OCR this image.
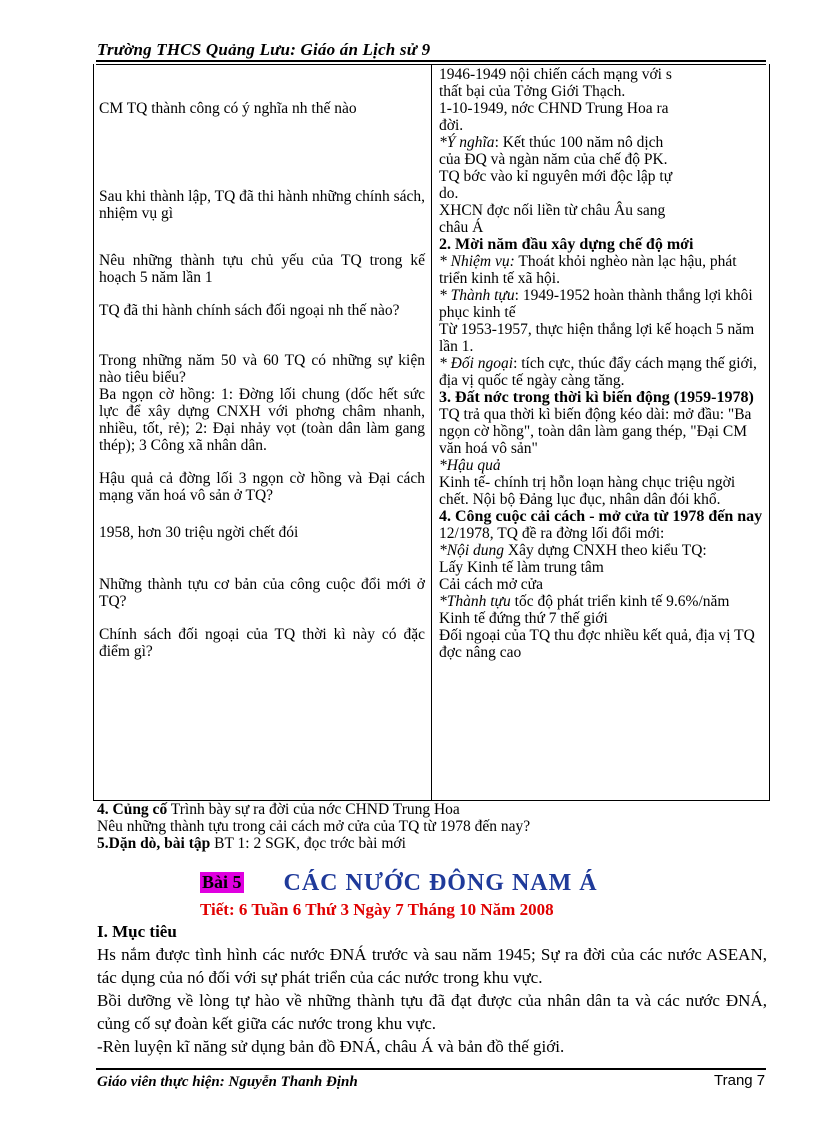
Trường THCS Quảng Lưu: Giáo án Lịch sử 9
CM TQ thành công có ý nghĩa nh thế nào
Sau khi thành lập, TQ đã thi hành những chính sách, nhiệm vụ gì
Nêu những thành tựu chủ yếu của TQ trong kế hoạch 5 năm lần 1
TQ đã thi hành chính sách đối ngoại nh thế nào?
Trong những năm 50 và 60 TQ có những sự kiện nào tiêu biểu?
Ba ngọn cờ hồng: 1: Đờng lối chung (dốc hết sức lực để xây dựng CNXH với phơng châm nhanh, nhiều, tốt, rẻ); 2: Đại nhảy vọt (toàn dân làm gang thép); 3 Công xã nhân dân.
Hậu quả cả đờng lối 3 ngọn cờ hồng và Đại cách mạng văn hoá vô sản ở TQ?
1958, hơn 30 triệu ngời chết đói
Những thành tựu cơ bản của công cuộc đổi mới ở TQ?
Chính sách đối ngoại của TQ thời kì này có đặc điểm gì?
1946-1949 nội chiến cách mạng với s
thất bại của Tởng Giới Thạch.
1-10-1949, nớc CHND Trung Hoa ra
đời.
*Ý nghĩa: Kết thúc 100 năm nô dịch
của ĐQ và ngàn năm của chế độ PK.
TQ bớc vào kỉ nguyên mới độc lập tự
do.
XHCN đợc nối liền từ châu Âu sang
châu Á
2. Mời năm đầu xây dựng chế độ mới
* Nhiệm vụ: Thoát khỏi nghèo nàn lạc hậu, phát triển kinh tế xã hội.
* Thành tựu: 1949-1952 hoàn thành thắng lợi khôi phục kinh tế
Từ 1953-1957, thực hiện thắng lợi kế hoạch 5 năm lần 1.
* Đối ngoại: tích cực, thúc đẩy cách mạng thế giới, địa vị quốc tế ngày càng tăng.
3. Đất nớc trong thời kì biến động (1959-1978)
TQ trả qua thời kì biến động kéo dài: mở đầu: "Ba ngọn cờ hồng", toàn dân làm gang thép, "Đại CM văn hoá vô sản"
*Hậu quả
Kinh tế- chính trị hỗn loạn hàng chục triệu ngời chết. Nội bộ Đảng lục đục, nhân dân đói khổ.
4. Công cuộc cải cách - mở cửa từ 1978 đến nay
12/1978, TQ đề ra đờng lối đổi mới:
*Nội dung Xây dựng CNXH theo kiểu TQ:
Lấy Kinh tế làm trung tâm
Cải cách mở cửa
*Thành tựu tốc độ phát triển kinh tế 9.6%/năm
Kinh tế đứng thứ 7 thế giới
Đối ngoại của TQ thu đợc nhiều kết quả, địa vị TQ đợc nâng cao
4. Củng cố Trình bày sự ra đời của nớc CHND Trung Hoa
Nêu những thành tựu trong cải cách mở cửa của TQ từ 1978 đến nay?
5.Dặn dò, bài tập BT 1: 2 SGK, đọc trớc bài mới
Bài 5 CÁC NƯỚC ĐÔNG NAM Á
Tiết: 6 Tuần 6 Thứ 3 Ngày 7 Tháng 10 Năm 2008
I. Mục tiêu

Hs nắm được tình hình các nước ĐNÁ trước và sau năm 1945; Sự ra đời của các nước ASEAN, tác dụng của nó đối với sự phát triển của các nước trong khu vực.

Bồi dưỡng về lòng tự hào về những thành tựu đã đạt được của nhân dân ta và các nước ĐNÁ, củng cố sự đoàn kết giữa các nước trong khu vực.

-Rèn luyện kĩ năng sử dụng bản đồ ĐNÁ, châu Á và bản đồ thế giới.

Giáo viên thực hiện: Nguyễn Thanh Định	Trang 7
